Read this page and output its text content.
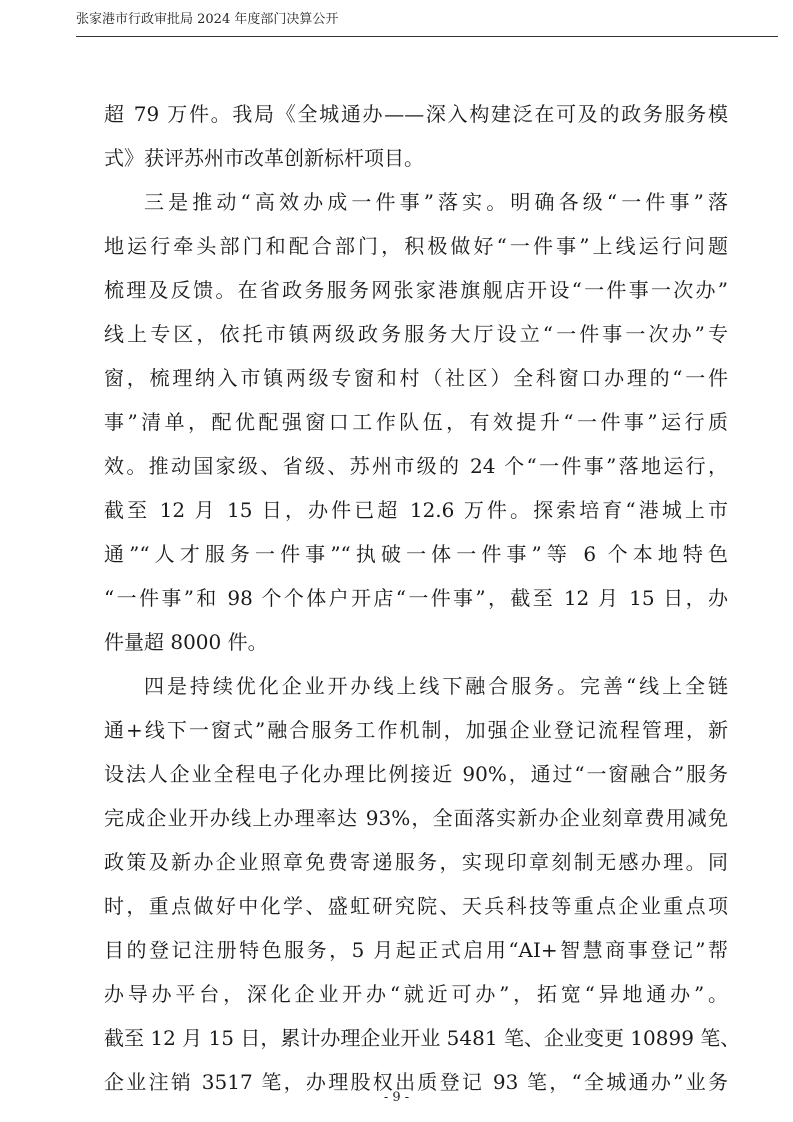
张家港市行政审批局 2024 年度部门决算公开
超 79 万件。我局《全城通办——深入构建泛在可及的政务服务模
式》获评苏州市改革创新标杆项目。
三是推动“高效办成一件事”落实。明确各级“一件事”落
地运行牵头部门和配合部门，积极做好“一件事”上线运行问题
梳理及反馈。在省政务服务网张家港旗舰店开设“一件事一次办”
线上专区，依托市镇两级政务服务大厅设立“一件事一次办”专
窗，梳理纳入市镇两级专窗和村（社区）全科窗口办理的“一件
事”清单，配优配强窗口工作队伍，有效提升“一件事”运行质
效。推动国家级、省级、苏州市级的 24 个“一件事”落地运行，
截至 12 月 15 日，办件已超 12.6 万件。探索培育“港城上市
通”“人才服务一件事”“执破一体一件事”等 6 个本地特色
“一件事”和 98 个个体户开店“一件事”，截至 12 月 15 日，办
件量超 8000 件。
四是持续优化企业开办线上线下融合服务。完善“线上全链
通+线下一窗式”融合服务工作机制，加强企业登记流程管理，新
设法人企业全程电子化办理比例接近 90%，通过“一窗融合”服务
完成企业开办线上办理率达 93%，全面落实新办企业刻章费用减免
政策及新办企业照章免费寄递服务，实现印章刻制无感办理。同
时，重点做好中化学、盛虹研究院、天兵科技等重点企业重点项
目的登记注册特色服务，5 月起正式启用“AI+智慧商事登记”帮
办导办平台，深化企业开办“就近可办”，拓宽“异地通办”。
截至 12 月 15 日，累计办理企业开业 5481 笔、企业变更 10899 笔、
企业注销 3517 笔，办理股权出质登记 93 笔，“全城通办”业务
- 9 -
